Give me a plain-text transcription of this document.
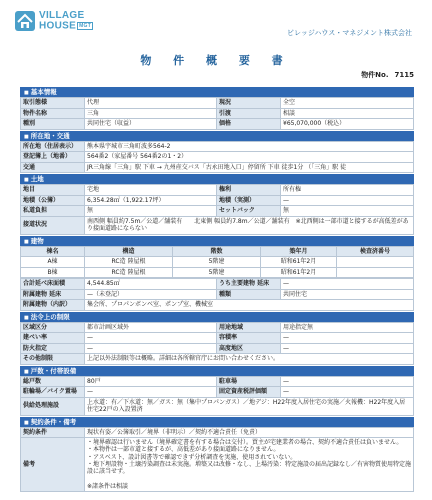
VILLAGE
HOUSE MGT
ビレッジハウス・マネジメント株式会社
物 件 概 要 書
物件No. 7115
■ 基本情報
取引態様	代理	現況	全空
物件名称	三角	引渡	相談
種別	共同住宅（収益）	価格	¥65,070,000（税込）
■ 所在地・交通
所在地（住居表示）	熊本県宇城市三角町波多564-2
登記簿上（地番）	564番2（家屋番号 564番2の1・2）
交通	JR三角線「三角」駅 下車 → 九州産交バス「古永田地入口」停留所 下車 徒歩1分 （「三角」駅 徒
■ 土地
地目	宅地	権利	所有権
地積（公簿）	6,354.28㎡（1,922.17坪）	地積（実測）	—
私道負担	無	セットバック	無
接道状況	南西側 幅員約7.5m／公道／舗装有　　北東側 幅員約7.8m／公道／舗装有　※北西側は一部市道と接するが高低差があり接面道路にならない		
■ 建物
棟名	構造	階数	築年月	検査済番号
A棟	RC造 陸屋根	5階建	昭和61年2月	
B棟	RC造 陸屋根	5階建	昭和61年2月	
合計延べ床面積	4,544.85㎡	うち主要建物 延床	—
附属建物 延床	—（未登記）	種類	共同住宅
附属建物（内訳）	集会所、プロパンボンベ室、ポンプ室、機械室		
■ 法令上の制限
区域区分	都市計画区域外	用途地域	用途指定無
建ぺい率	—	容積率	—
防火指定	—	高度地区	—
その他制限	上記以外法制限等は概略。詳細は各所轄官庁にお問い合わせください。		
■ 戸数・付帯設備
総戸数	80戸	駐車場	—
駐輪場／バイク置場	—	固定資産税評価額	—
供給処理施設	上水道：有／下水道：無／ガス：無（集中プロパンガス）／地デジ：H22年度入居住宅の実施／火報機：H22年度入居住宅22戸の入設置済		
■ 契約条件・備考
契約条件	現状有姿／公簿取引／境界（非明示）／契約不適合責任（免責）
備考	・境界確認は行いません（境界確定書を有する場合は交付）。買主が宅建業者の場合、契約不適合責任は負いません。
・本物件は一部市道と接するが、高低差があり接面道路になりません。
・アスベスト、設計図書等で確認できず分析調査を実施、使用されていない。
・地下埋設物・土壌汚染調査は未実施。増築又は改修・なし、上場汚染：特定施設の届出記録なし／有害物質使用特定施設に該当せず。

※諸条件は相談
